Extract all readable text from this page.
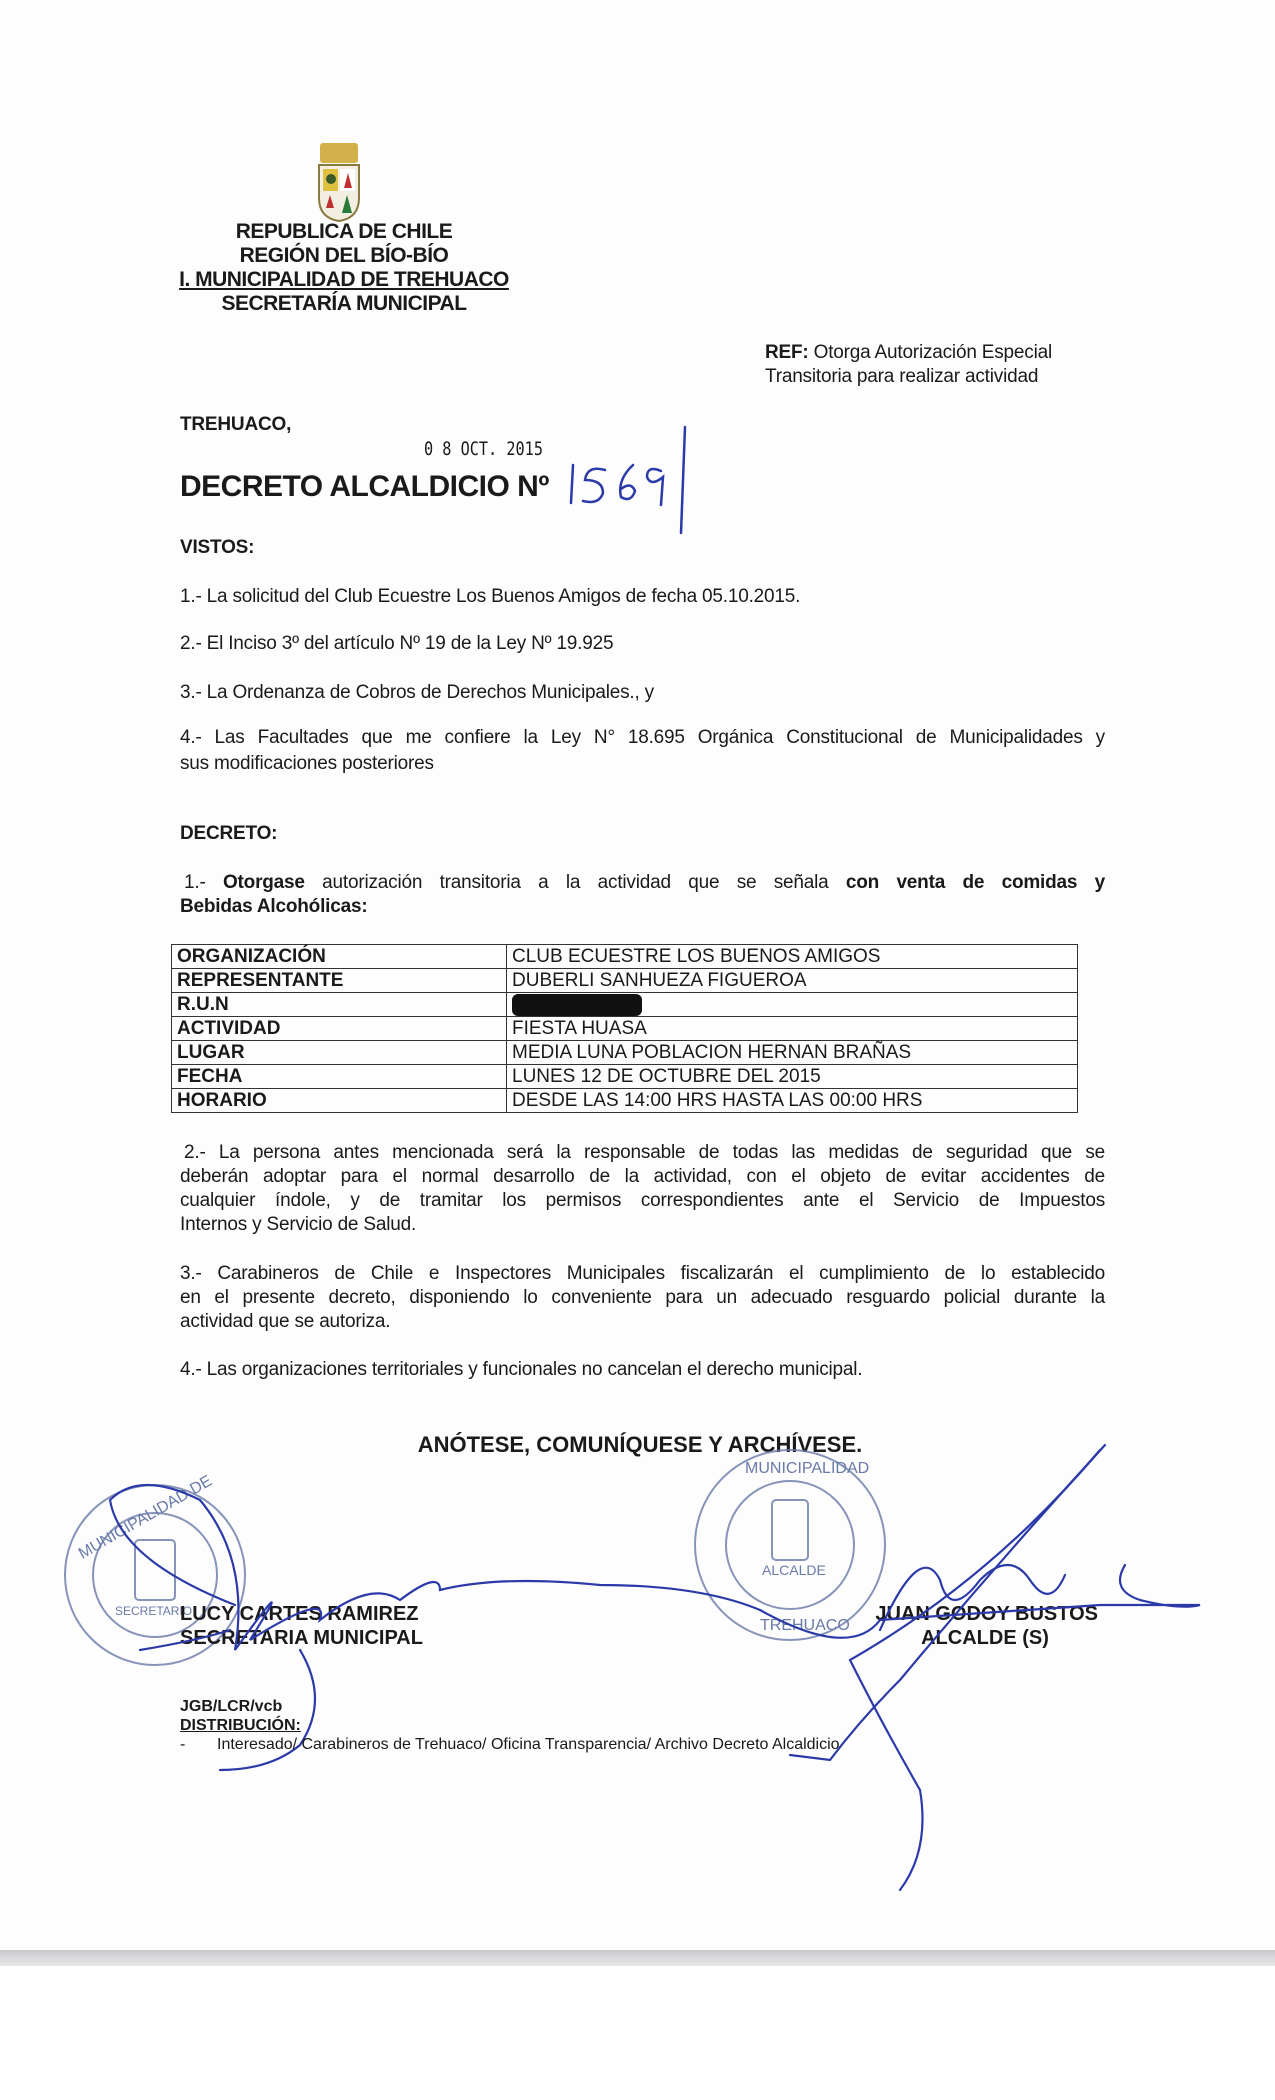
REPUBLICA DE CHILE
REGIÓN DEL BÍO-BÍO
I. MUNICIPALIDAD DE TREHUACO
SECRETARÍA MUNICIPAL
REF: Otorga Autorización Especial
Transitoria para realizar actividad
TREHUACO,
0 8 OCT. 2015
DECRETO ALCALDICIO Nº
VISTOS:
1.- La solicitud del Club Ecuestre Los Buenos Amigos de fecha 05.10.2015.
2.- El Inciso 3º del artículo Nº 19 de la Ley Nº 19.925
3.- La Ordenanza de Cobros de Derechos Municipales., y
4.- Las Facultades que me confiere la Ley N° 18.695 Orgánica Constitucional de Municipalidades y
sus modificaciones posteriores
DECRETO:
1.- Otorgase autorización transitoria a la actividad que se señala con venta de comidas y
Bebidas Alcohólicas:
ORGANIZACIÓN	CLUB ECUESTRE LOS BUENOS AMIGOS
REPRESENTANTE	DUBERLI SANHUEZA FIGUEROA
R.U.N	
ACTIVIDAD	FIESTA HUASA
LUGAR	MEDIA LUNA POBLACION HERNAN BRAÑAS
FECHA	LUNES 12 DE OCTUBRE DEL 2015
HORARIO	DESDE LAS 14:00 HRS HASTA LAS 00:00 HRS
2.- La persona antes mencionada será la responsable de todas las medidas de seguridad que se
deberán adoptar para el normal desarrollo de la actividad, con el objeto de evitar accidentes de
cualquier índole, y de tramitar los permisos correspondientes ante el Servicio de Impuestos
Internos y Servicio de Salud.
3.- Carabineros de Chile e Inspectores Municipales fiscalizarán el cumplimiento de lo establecido
en el presente decreto, disponiendo lo conveniente para un adecuado resguardo policial durante la
actividad que se autoriza.
4.- Las organizaciones territoriales y funcionales no cancelan el derecho municipal.
ANÓTESE, COMUNÍQUESE Y ARCHÍVESE.
MUNICIPALIDAD DE
SECRETARIO
ALCALDE
MUNICIPALIDAD
TREHUACO
LUCY CARTES RAMIREZ
SECRETARIA MUNICIPAL
JUAN GODOY BUSTOS
ALCALDE (S)
JGB/LCR/vcb
DISTRIBUCIÓN:
- Interesado/ Carabineros de Trehuaco/ Oficina Transparencia/ Archivo Decreto Alcaldicio
